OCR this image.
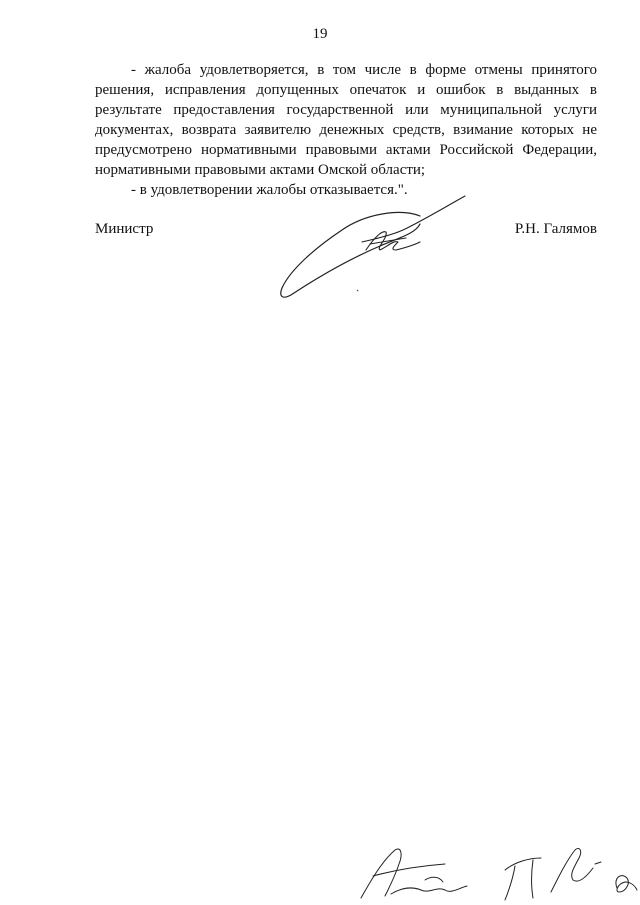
19

- жалоба удовлетворяется, в том числе в форме отмены принятого решения, исправления допущенных опечаток и ошибок в выданных в результате предоставления государственной или муниципальной услуги документах, возврата заявителю денежных средств, взимание которых не предусмотрено нормативными правовыми актами Российской Федерации, нормативными правовыми актами Омской области;

- в удовлетворении жалобы отказывается.".

Министр	Р.Н. Галямов
